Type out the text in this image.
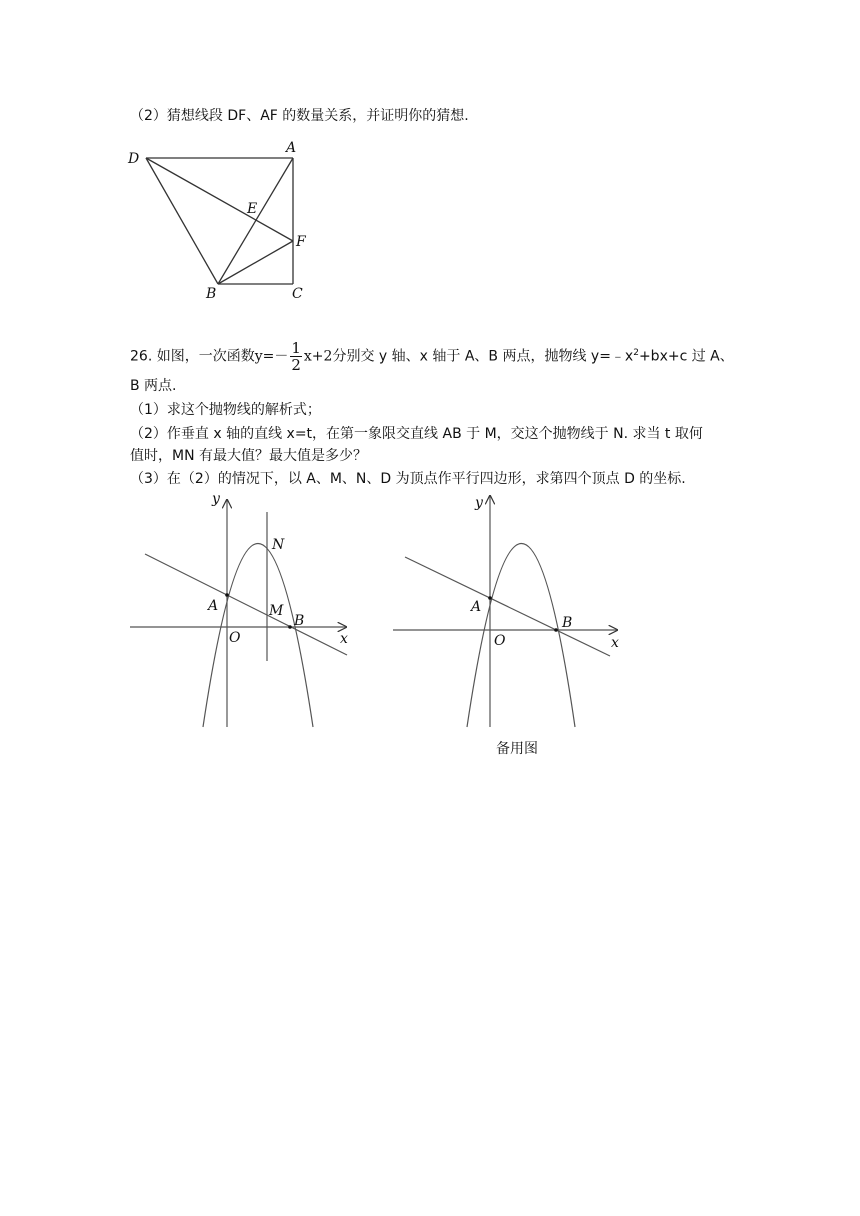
（2）猜想线段 DF、AF 的数量关系，并证明你的猜想.
D
A
E
F
B	C
26. 如图，一次函数$y=- \frac{1}{2} x+2$分别交 y 轴、x 轴于 A、B 两点，抛物线 $y=﹣x^2+bx+c$ 过 A、
B 两点.
（1）求这个抛物线的解析式；
（2）作垂直 x 轴的直线 x=t，在第一象限交直线 AB 于 M，交这个抛物线于 N. 求当 t 取何
值时，MN 有最大值？最大值是多少？
（3）在（2）的情况下，以 A、M、N、D 为顶点作平行四边形，求第四个顶点 D 的坐标.
y
x
O
A
B
M
N
y
x
O
A
B
备用图
